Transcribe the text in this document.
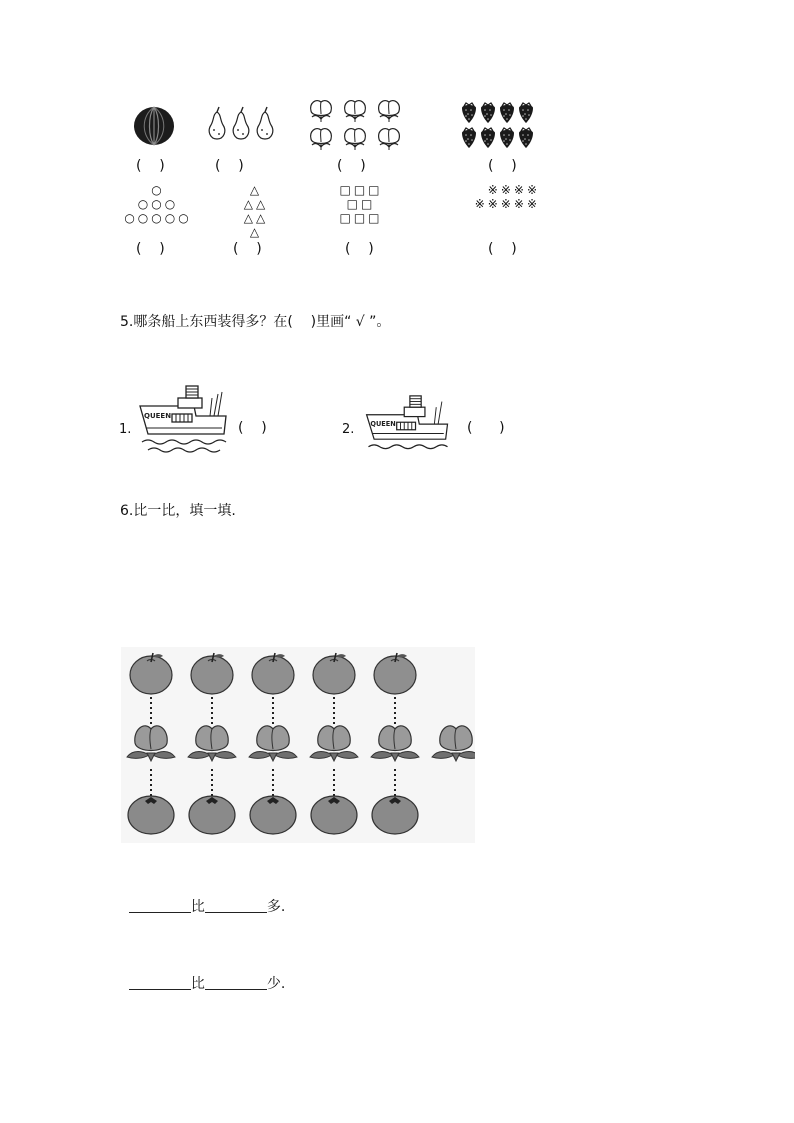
(    )	(    )	(    )	(    )
○
○○○
○○○○○
△
△△
△△
△
□□□
□□
□□□
※※※※
※※※※※
(    )	(    )	(    )	(    )
5.哪条船上东西装得多？在(    )里画“ √ ”。
1.
QUEEN
(    )	2. QUEEN	(      )
6.比一比，填一填.

比	多.

比	少.
